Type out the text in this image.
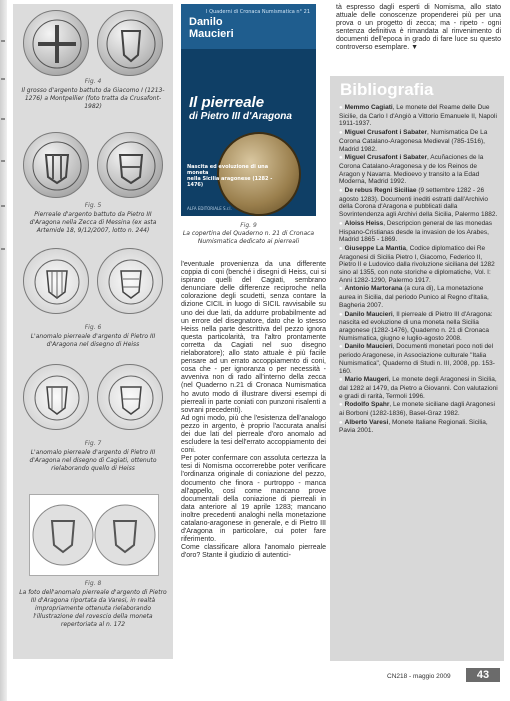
Fig. 4
Il grosso d'argento battuto da Giacomo I (1213-1276) a Montpellier (foto tratta da Crusafont-1982)
Fig. 5
Pierreale d'argento battuto da Pietro III d'Aragona nella Zecca di Messina (ex asta Artemide 18, 9/12/2007, lotto n. 244)
Fig. 6
L'anomalo pierreale d'argento di Pietro III d'Aragona nel disegno di Heiss
Fig. 7
L'anomalo pierreale d'argento di Pietro III d'Aragona nel disegno di Cagiati, ottenuto rielaborando quello di Heiss
Fig. 8
La foto dell'anomalo pierreale d'argento di Pietro III d'Aragona riportata da Varesi, in realtà impropriamente ottenuta rielaborando l'illustrazione del rovescio della moneta repertoriata al n. 172
I Quaderni di Cronaca Numismatica n° 21
Danilo
Maucieri
Il pierreale
di Pietro III d'Aragona
Nascita ed evoluzione di una moneta
nella Sicilia aragonese (1282 - 1476)
ALFA EDITORIALE S.r.l.
Fig. 9
La copertina del Quaderno n. 21 di Cronaca Numismatica dedicato ai pierreali

l'eventuale provenienza da una differente coppia di coni (benché i disegni di Heiss, cui si ispirano quelli del Cagiati, sembrano denunciare delle differenze reciproche nella colorazione degli scudetti, senza contare la dizione CICIL in luogo di SICIL ravvisabile su uno dei due lati, da addurre probabilmente ad un errore del disegnatore, dato che lo stesso Heiss nella parte descrittiva del pezzo ignora questa particolarità, tra l'altro prontamente corretta da Cagiati nel suo disegno rielaboratore); allo stato attuale è più facile pensare ad un errato accoppiamento di coni, cosa che - per ignoranza o per necessità - avveniva non di rado all'interno della zecca (nel Quaderno n.21 di Cronaca Numismatica ho avuto modo di illustrare diversi esempi di pierreali in parte coniati con punzoni risalenti a sovrani precedenti).

Ad ogni modo, più che l'esistenza dell'analogo pezzo in argento, è proprio l'accurata analisi dei due lati del pierreale d'oro anomalo ad escludere la tesi dell'errato accoppiamento dei coni.

Per poter confermare con assoluta certezza la tesi di Nomisma occorrerebbe poter verificare l'ordinanza originale di coniazione del pezzo, documento che finora - purtroppo - manca all'appello, così come mancano prove documentali della coniazione di pierreali in data anteriore al 19 aprile 1283; mancano inoltre precedenti analoghi nella monetazione catalano-aragonese in generale, e di Pietro III d'Aragona in particolare, cui poter fare riferimento.

Come classificare allora l'anomalo pierreale d'oro? Stante il giudizio di autentici-

tà espresso dagli esperti di Nomisma, allo stato attuale delle conoscenze propenderei più per una prova o un progetto di zecca; ma - ripeto - ogni sentenza definitiva è rimandata al rinvenimento di documenti dell'epoca in grado di fare luce su questo controverso esemplare. ▼

Bibliografia
● Memmo Cagiati, Le monete del Reame delle Due Sicilie, da Carlo I d'Angiò a Vittorio Emanuele II, Napoli 1911-1937.
● Miguel Crusafont i Sabater, Numismatica De La Corona Catalano-Aragonesa Medieval (785-1516), Madrid 1982.
● Miguel Crusafont i Sabater, Acuñaciones de la Corona Catalano-Aragonesa y de los Reinos de Aragon y Navarra. Medioevo y transito a la Edad Moderna, Madrid 1992.
● De rebus Regni Siciliae (9 settembre 1282 - 26 agosto 1283). Documenti inediti estratti dall'Archivio della Corona d'Aragona e pubblicati dalla Sovrintendenza agli Archivi della Sicilia, Palermo 1882.
● Aloiss Heiss, Descripcion general de las monedas Hispano-Cristianas desde la invasion de los Arabes, Madrid 1865 - 1869.
● Giuseppe La Mantia, Codice diplomatico dei Re Aragonesi di Sicilia Pietro I, Giacomo, Federico II, Pietro II e Ludovico dalla rivoluzione siciliana del 1282 sino al 1355, con note storiche e diplomatiche, Vol. I: Anni 1282-1290, Palermo 1917.
● Antonio Martorana (a cura di), La monetazione aurea in Sicilia, dal periodo Punico al Regno d'Italia, Bagheria 2007.
● Danilo Maucieri, Il pierreale di Pietro III d'Aragona: nascita ed evoluzione di una moneta nella Sicilia aragonese (1282-1476), Quaderno n. 21 di Cronaca Numismatica, giugno e luglio-agosto 2008.
● Danilo Maucieri, Documenti monetari poco noti del periodo Aragonese, in Associazione culturale "Italia Numismatica", Quaderno di Studi n. III, 2008, pp. 153-160.
● Mario Maugeri, Le monete degli Aragonesi in Sicilia, dal 1282 al 1479, da Pietro a Giovanni. Con valutazioni e gradi di rarità, Termoli 1996.
● Rodolfo Spahr, Le monete siciliane dagli Aragonesi ai Borboni (1282-1836), Basel-Graz 1982.
● Alberto Varesi, Monete Italiane Regionali. Sicilia, Pavia 2001.
CN218 - maggio 2009	43
